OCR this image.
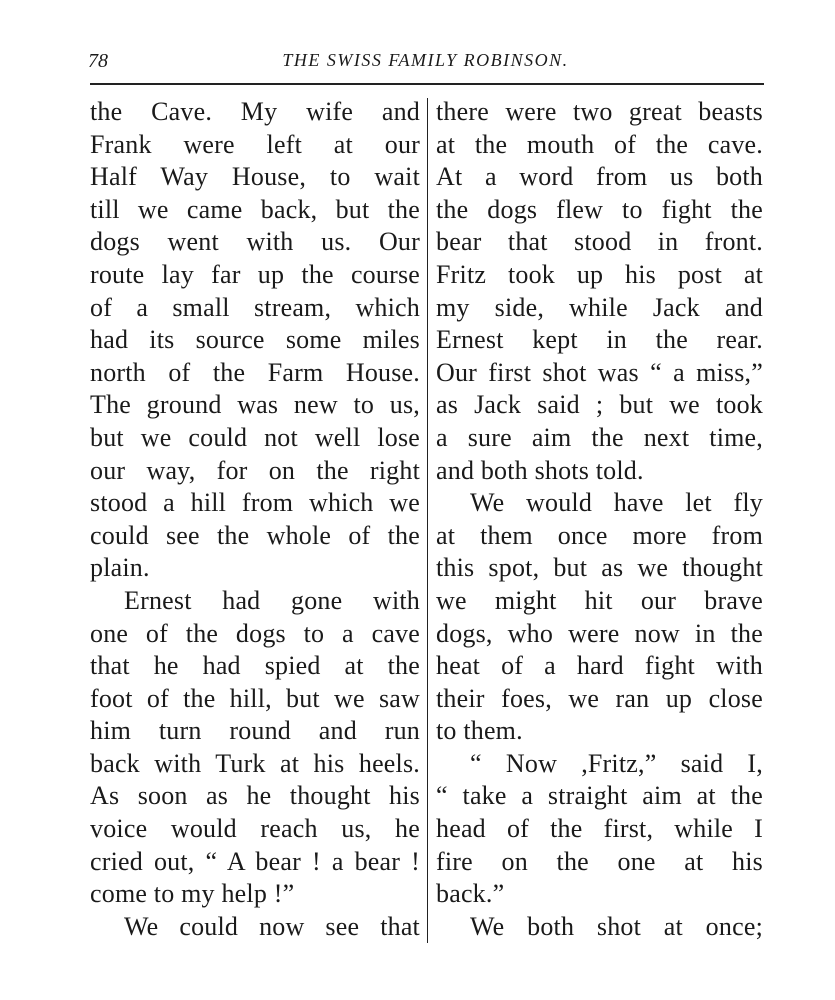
78	THE SWISS FAMILY ROBINSON.
the Cave. My wife and
Frank were left at our
Half Way House, to wait
till we came back, but the
dogs went with us. Our
route lay far up the course
of a small stream, which
had its source some miles
north of the Farm House.
The ground was new to us,
but we could not well lose
our way, for on the right
stood a hill from which we
could see the whole of the
plain.
Ernest had gone with
one of the dogs to a cave
that he had spied at the
foot of the hill, but we saw
him turn round and run
back with Turk at his heels.
As soon as he thought his
voice would reach us, he
cried out, “ A bear ! a bear !
come to my help !”
We could now see that
there were two great beasts
at the mouth of the cave.
At a word from us both
the dogs flew to fight the
bear that stood in front.
Fritz took up his post at
my side, while Jack and
Ernest kept in the rear.
Our first shot was “ a miss,”
as Jack said ; but we took
a sure aim the next time,
and both shots told.
We would have let fly
at them once more from
this spot, but as we thought
we might hit our brave
dogs, who were now in the
heat of a hard fight with
their foes, we ran up close
to them.
“ Now ,Fritz,” said I,
“ take a straight aim at the
head of the first, while I
fire on the one at his
back.”
We both shot at once;
